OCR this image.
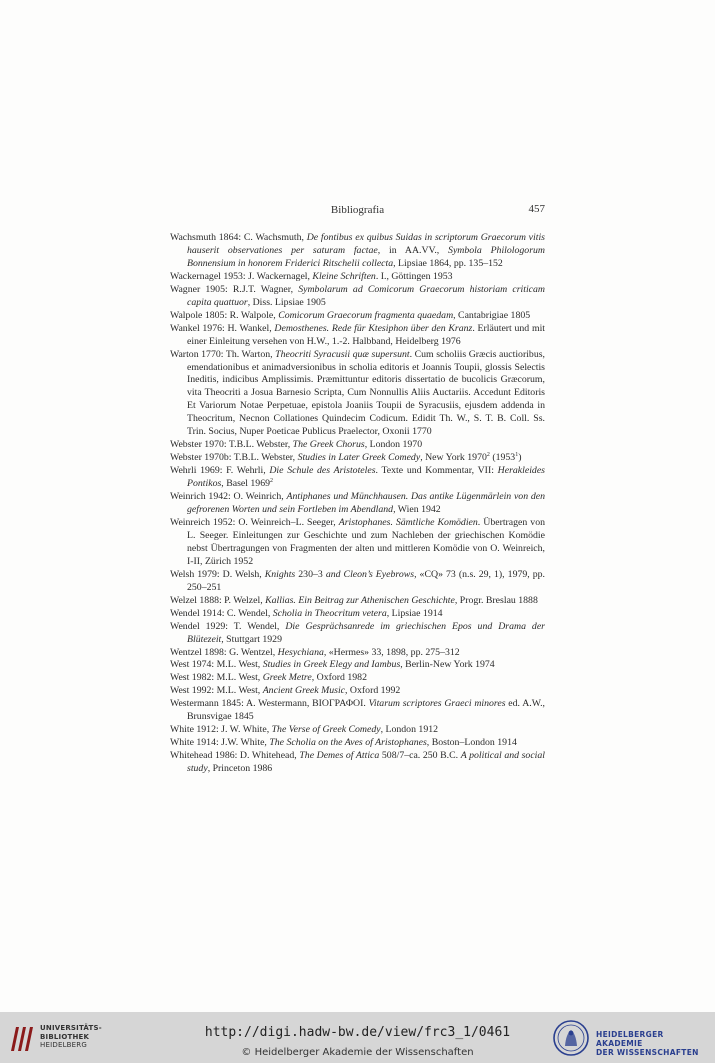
Bibliografia	457

Wachsmuth 1864: C. Wachsmuth, De fontibus ex quibus Suidas in scriptorum Graecorum vitis hauserit observationes per saturam factae, in AA.VV., Symbola Philologorum Bonnensium in honorem Friderici Ritschelii collecta, Lipsiae 1864, pp. 135–152

Wackernagel 1953: J. Wackernagel, Kleine Schriften. I., Göttingen 1953

Wagner 1905: R.J.T. Wagner, Symbolarum ad Comicorum Graecorum historiam criticam capita quattuor, Diss. Lipsiae 1905

Walpole 1805: R. Walpole, Comicorum Graecorum fragmenta quaedam, Cantabrigiae 1805

Wankel 1976: H. Wankel, Demosthenes. Rede für Ktesiphon über den Kranz. Erläutert und mit einer Einleitung versehen von H.W., 1.-2. Halbband, Heidelberg 1976

Warton 1770: Th. Warton, Theocriti Syracusii quæ supersunt. Cum scholiis Græcis auctioribus, emendationibus et animadversionibus in scholia editoris et Joannis Toupii, glossis Selectis Ineditis, indicibus Amplissimis. Præmittuntur editoris dissertatio de bucolicis Græcorum, vita Theocriti a Josua Barnesio Scripta, Cum Nonnullis Aliis Auctariis. Accedunt Editoris Et Variorum Notae Perpetuae, epistola Joaniis Toupii de Syracusiis, ejusdem addenda in Theocritum, Necnon Collationes Quindecim Codicum. Edidit Th. W., S. T. B. Coll. Ss. Trin. Socius, Nuper Poeticae Publicus Praelector, Oxonii 1770

Webster 1970: T.B.L. Webster, The Greek Chorus, London 1970

Webster 1970b: T.B.L. Webster, Studies in Later Greek Comedy, New York 1970$^2$ (1953$^1$)

Wehrli 1969: F. Wehrli, Die Schule des Aristoteles. Texte und Kommentar, VII: Herakleides Pontikos, Basel 1969$^2$

Weinrich 1942: O. Weinrich, Antiphanes und Münchhausen. Das antike Lügenmärlein von den gefrorenen Worten und sein Fortleben im Abendland, Wien 1942

Weinreich 1952: O. Weinreich–L. Seeger, Aristophanes. Sämtliche Komödien. Übertragen von L. Seeger. Einleitungen zur Geschichte und zum Nachleben der griechischen Komödie nebst Übertragungen von Fragmenten der alten und mittleren Komödie von O. Weinreich, I-II, Zürich 1952

Welsh 1979: D. Welsh, Knights 230–3 and Cleon’s Eyebrows, «CQ» 73 (n.s. 29, 1), 1979, pp. 250–251

Welzel 1888: P. Welzel, Kallias. Ein Beitrag zur Athenischen Geschichte, Progr. Breslau 1888

Wendel 1914: C. Wendel, Scholia in Theocritum vetera, Lipsiae 1914

Wendel 1929: T. Wendel, Die Gesprächsanrede im griechischen Epos und Drama der Blütezeit, Stuttgart 1929

Wentzel 1898: G. Wentzel, Hesychiana, «Hermes» 33, 1898, pp. 275–312

West 1974: M.L. West, Studies in Greek Elegy and Iambus, Berlin-New York 1974

West 1982: M.L. West, Greek Metre, Oxford 1982

West 1992: M.L. West, Ancient Greek Music, Oxford 1992

Westermann 1845: A. Westermann, ΒΙΟΓΡΑΦΟΙ. Vitarum scriptores Graeci minores ed. A.W., Brunsvigae 1845

White 1912: J. W. White, The Verse of Greek Comedy, London 1912

White 1914: J.W. White, The Scholia on the Aves of Aristophanes, Boston–London 1914

Whitehead 1986: D. Whitehead, The Demes of Attica 508/7–ca. 250 B.C. A political and social study, Princeton 1986

UNIVERSITÄTS-
BIBLIOTHEK
HEIDELBERG
http://digi.hadw-bw.de/view/frc3_1/0461
© Heidelberger Akademie der Wissenschaften
HEIDELBERGER AKADEMIE
DER WISSENSCHAFTEN
